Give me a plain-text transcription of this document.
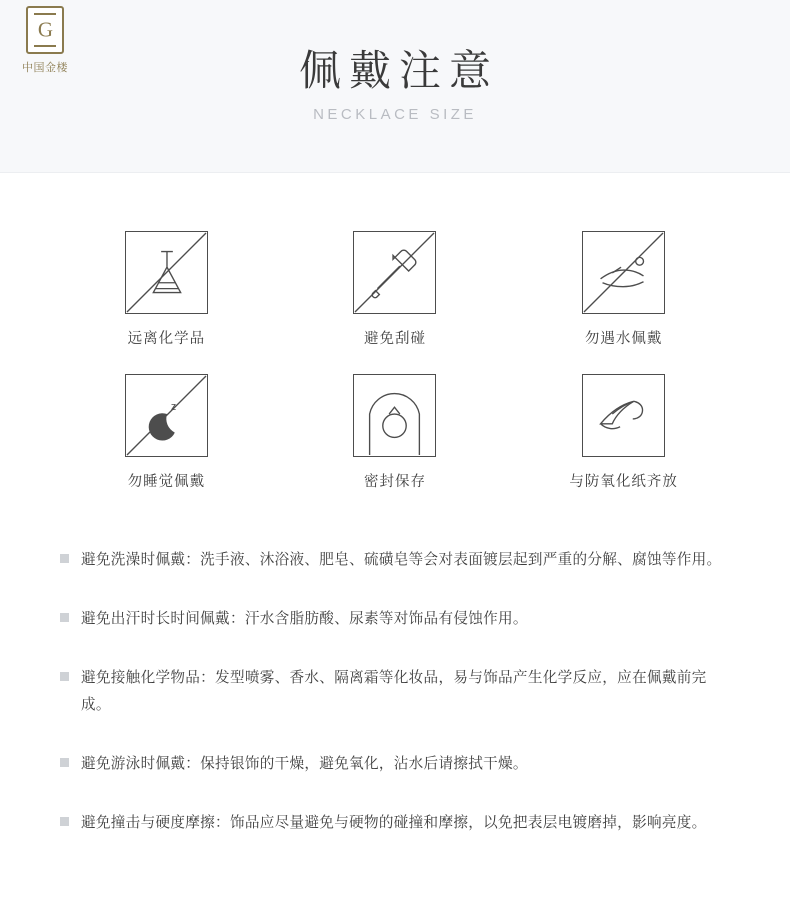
G
中国金楼	佩戴注意
NECKLACE SIZE
远离化学品	避免刮碰	勿遇水佩戴
z
勿睡觉佩戴	密封保存	与防氧化纸齐放
避免洗澡时佩戴：洗手液、沐浴液、肥皂、硫磺皂等会对表面镀层起到严重的分解、腐蚀等作用。
避免出汗时长时间佩戴：汗水含脂肪酸、尿素等对饰品有侵蚀作用。
避免接触化学物品：发型喷雾、香水、隔离霜等化妆品，易与饰品产生化学反应，应在佩戴前完成。
避免游泳时佩戴：保持银饰的干燥，避免氧化，沾水后请擦拭干燥。
避免撞击与硬度摩擦：饰品应尽量避免与硬物的碰撞和摩擦，以免把表层电镀磨掉，影响亮度。
